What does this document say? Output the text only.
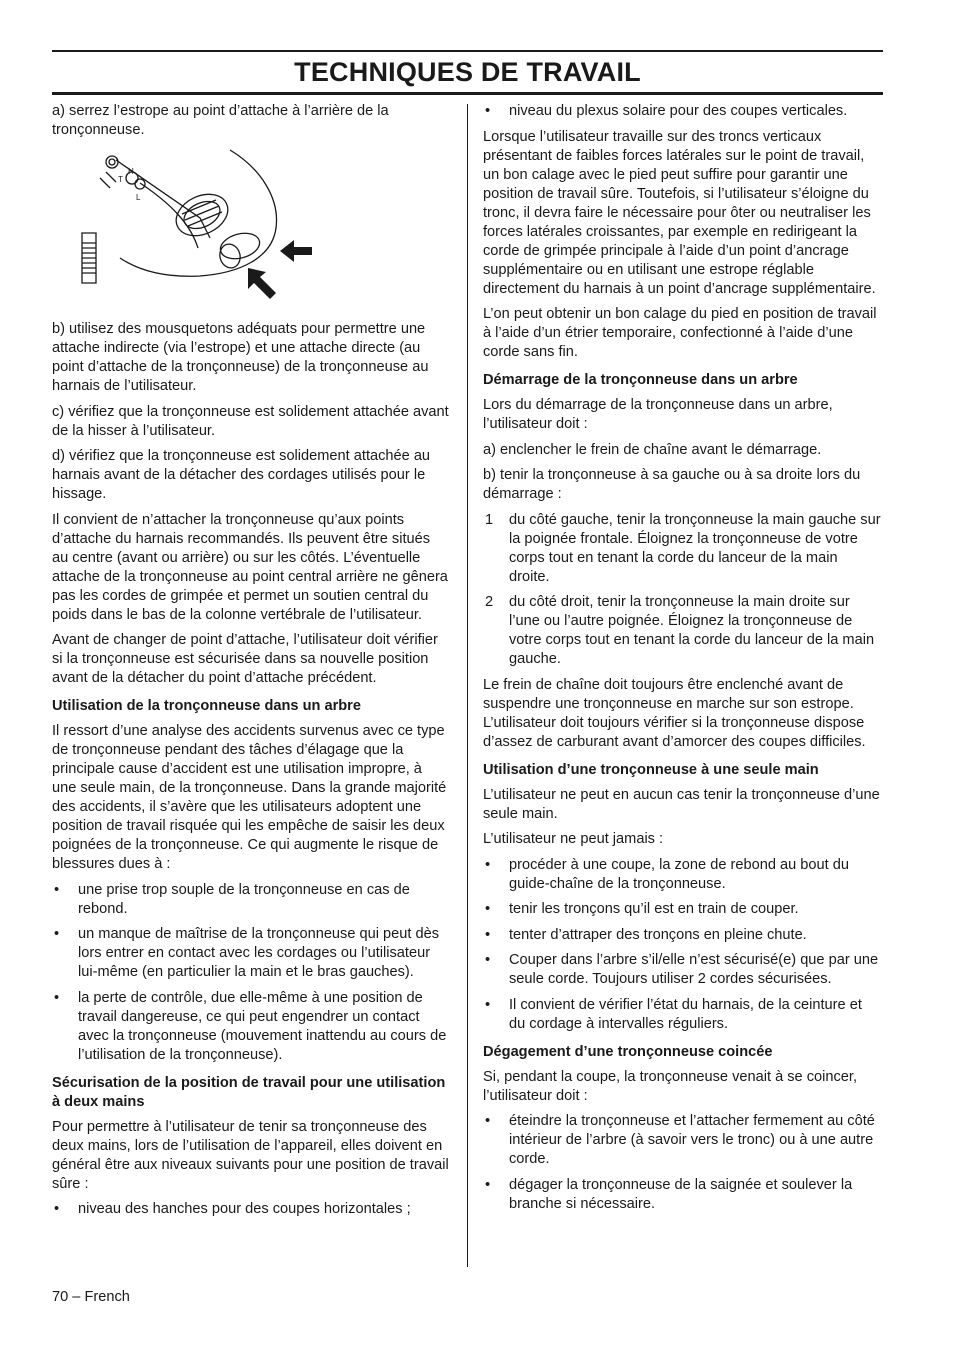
TECHNIQUES DE TRAVAIL

a) serrez l’estrope au point d’attache à l’arrière de la tronçonneuse.

H
L
T

b) utilisez des mousquetons adéquats pour permettre une attache indirecte (via l’estrope) et une attache directe (au point d’attache de la tronçonneuse) de la tronçonneuse au harnais de l’utilisateur.

c) vérifiez que la tronçonneuse est solidement attachée avant de la hisser à l’utilisateur.

d) vérifiez que la tronçonneuse est solidement attachée au harnais avant de la détacher des cordages utilisés pour le hissage.

Il convient de n’attacher la tronçonneuse qu’aux points d’attache du harnais recommandés. Ils peuvent être situés au centre (avant ou arrière) ou sur les côtés. L’éventuelle attache de la tronçonneuse au point central arrière ne gênera pas les cordes de grimpée et permet un soutien central du poids dans le bas de la colonne vertébrale de l’utilisateur.

Avant de changer de point d’attache, l’utilisateur doit vérifier si la tronçonneuse est sécurisée dans sa nouvelle position avant de la détacher du point d’attache précédent.

Utilisation de la tronçonneuse dans un arbre

Il ressort d’une analyse des accidents survenus avec ce type de tronçonneuse pendant des tâches d’élagage que la principale cause d’accident est une utilisation impropre, à une seule main, de la tronçonneuse. Dans la grande majorité des accidents, il s’avère que les utilisateurs adoptent une position de travail risquée qui les empêche de saisir les deux poignées de la tronçonneuse. Ce qui augmente le risque de blessures dues à :

• une prise trop souple de la tronçonneuse en cas de rebond.
• un manque de maîtrise de la tronçonneuse qui peut dès lors entrer en contact avec les cordages ou l’utilisateur lui-même (en particulier la main et le bras gauches).
• la perte de contrôle, due elle-même à une position de travail dangereuse, ce qui peut engendrer un contact avec la tronçonneuse (mouvement inattendu au cours de l’utilisation de la tronçonneuse).
Sécurisation de la position de travail pour une utilisation à deux mains

Pour permettre à l’utilisateur de tenir sa tronçonneuse des deux mains, lors de l’utilisation de l’appareil, elles doivent en général être aux niveaux suivants pour une position de travail sûre :

• niveau des hanches pour des coupes horizontales ;
• niveau du plexus solaire pour des coupes verticales.

Lorsque l’utilisateur travaille sur des troncs verticaux présentant de faibles forces latérales sur le point de travail, un bon calage avec le pied peut suffire pour garantir une position de travail sûre. Toutefois, si l’utilisateur s’éloigne du tronc, il devra faire le nécessaire pour ôter ou neutraliser les forces latérales croissantes, par exemple en redirigeant la corde de grimpée principale à l’aide d’un point d’ancrage supplémentaire ou en utilisant une estrope réglable directement du harnais à un point d’ancrage supplémentaire.

L’on peut obtenir un bon calage du pied en position de travail à l’aide d’un étrier temporaire, confectionné à l’aide d’une corde sans fin.

Démarrage de la tronçonneuse dans un arbre

Lors du démarrage de la tronçonneuse dans un arbre, l’utilisateur doit :

a) enclencher le frein de chaîne avant le démarrage.

b) tenir la tronçonneuse à sa gauche ou à sa droite lors du démarrage :

1 du côté gauche, tenir la tronçonneuse la main gauche sur la poignée frontale. Éloignez la tronçonneuse de votre corps tout en tenant la corde du lanceur de la main droite.
2 du côté droit, tenir la tronçonneuse la main droite sur l’une ou l’autre poignée. Éloignez la tronçonneuse de votre corps tout en tenant la corde du lanceur de la main gauche.

Le frein de chaîne doit toujours être enclenché avant de suspendre une tronçonneuse en marche sur son estrope. L’utilisateur doit toujours vérifier si la tronçonneuse dispose d’assez de carburant avant d’amorcer des coupes difficiles.

Utilisation d’une tronçonneuse à une seule main

L’utilisateur ne peut en aucun cas tenir la tronçonneuse d’une seule main.

L’utilisateur ne peut jamais :

• procéder à une coupe, la zone de rebond au bout du guide-chaîne de la tronçonneuse.
• tenir les tronçons qu’il est en train de couper.
• tenter d’attraper des tronçons en pleine chute.
• Couper dans l’arbre s’il/elle n’est sécurisé(e) que par une seule corde. Toujours utiliser 2 cordes sécurisées.
• Il convient de vérifier l’état du harnais, de la ceinture et du cordage à intervalles réguliers.
Dégagement d’une tronçonneuse coincée

Si, pendant la coupe, la tronçonneuse venait à se coincer, l’utilisateur doit :

• éteindre la tronçonneuse et l’attacher fermement au côté intérieur de l’arbre (à savoir vers le tronc) ou à une autre corde.
• dégager la tronçonneuse de la saignée et soulever la branche si nécessaire.
70 – French
